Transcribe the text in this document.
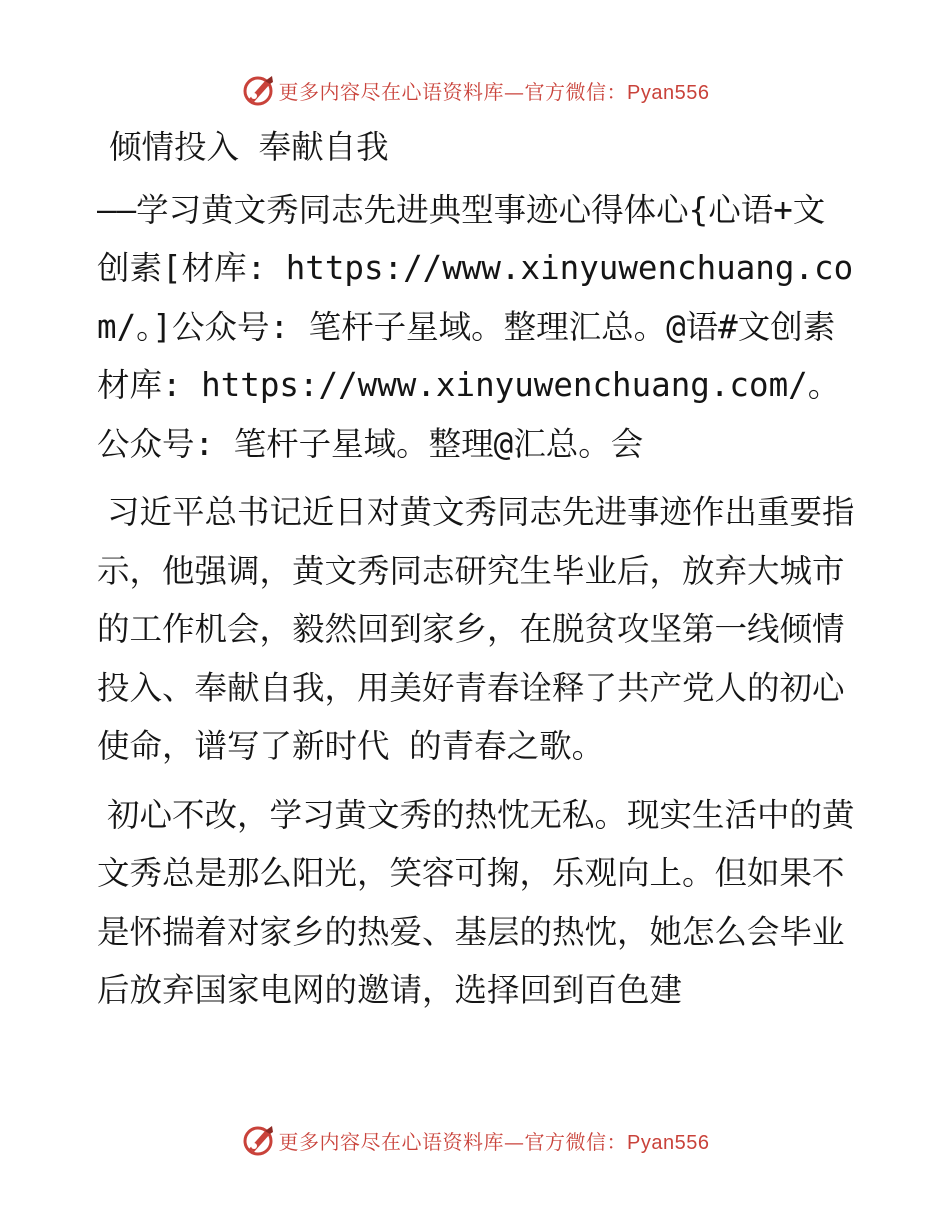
更多内容尽在心语资料库—官方微信：Pyan556

倾情投入 奉献自我

——学习黄文秀同志先进典型事迹心得体心{心语+文创素[材库: https://www.xinyuwenchuang.com/。]公众号: 笔杆子星域。整理汇总。@语#文创素材库: https://www.xinyuwenchuang.com/。公众号: 笔杆子星域。整理@汇总。会

习近平总书记近日对黄文秀同志先进事迹作出重要指 示，他强调，黄文秀同志研究生毕业后，放弃大城市的工作机会，毅然回到家乡，在脱贫攻坚第一线倾情投入、奉献自我，用美好青春诠释了共产党人的初心使命，谱写了新时代 的青春之歌。

初心不改，学习黄文秀的热忱无私。现实生活中的黄文秀总是那么阳光，笑容可掬，乐观向上。但如果不是怀揣着对家乡的热爱、基层的热忱，她怎么会毕业后放弃国家电网的邀请，选择回到百色建

更多内容尽在心语资料库—官方微信：Pyan556
